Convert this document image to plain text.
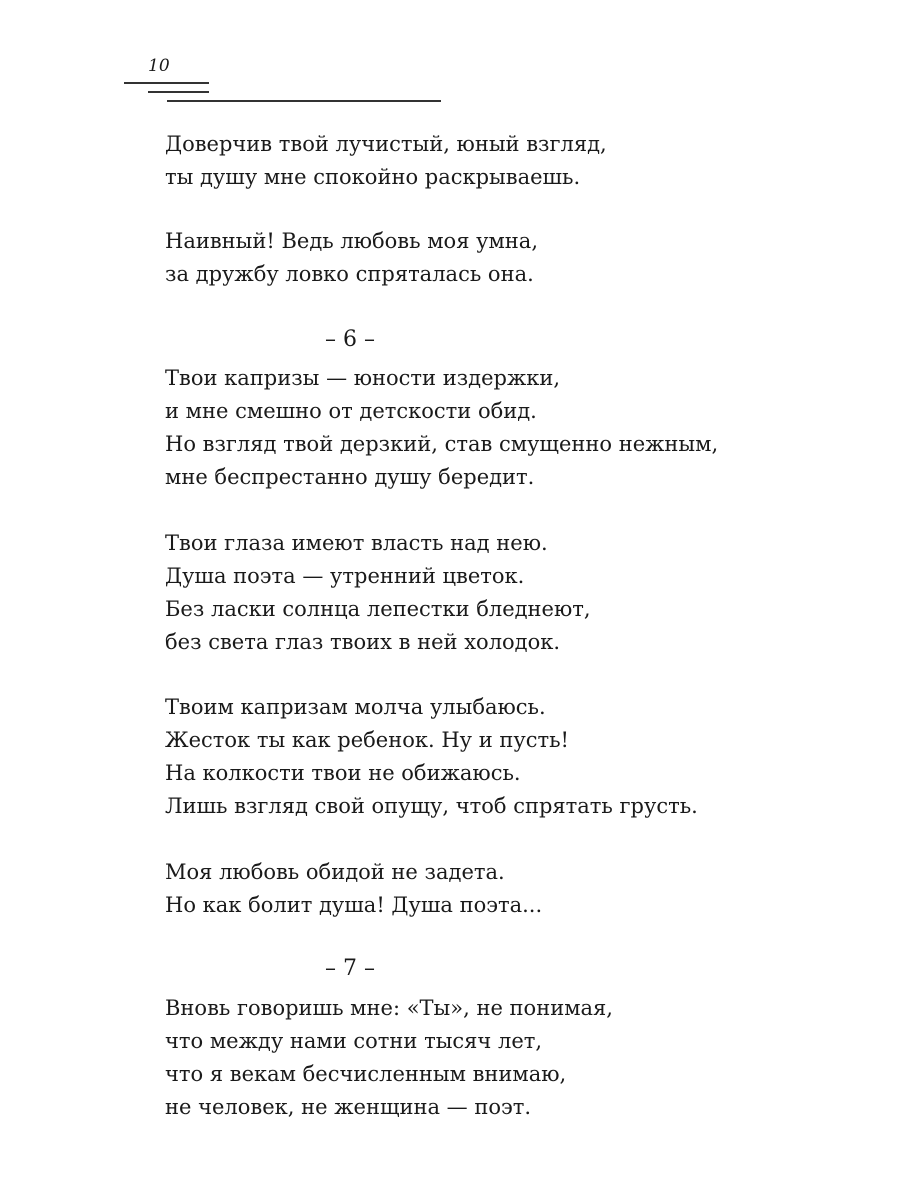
10
Доверчив твой лучистый, юный взгляд,
ты душу мне спокойно раскрываешь.
Наивный! Ведь любовь моя умна,
за дружбу ловко спряталась она.
– 6 –
Твои капризы — юности издержки,
и мне смешно от детскости обид.
Но взгляд твой дерзкий, став смущенно нежным,
мне беспрестанно душу бередит.
Твои глаза имеют власть над нею.
Душа поэта — утренний цветок.
Без ласки солнца лепестки бледнеют,
без света глаз твоих в ней холодок.
Твоим капризам молча улыбаюсь.
Жесток ты как ребенок. Ну и пусть!
На колкости твои не обижаюсь.
Лишь взгляд свой опущу, чтоб спрятать грусть.
Моя любовь обидой не задета.
Но как болит душа! Душа поэта...
– 7 –
Вновь говоришь мне: «Ты», не понимая,
что между нами сотни тысяч лет,
что я векам бесчисленным внимаю,
не человек, не женщина — поэт.
